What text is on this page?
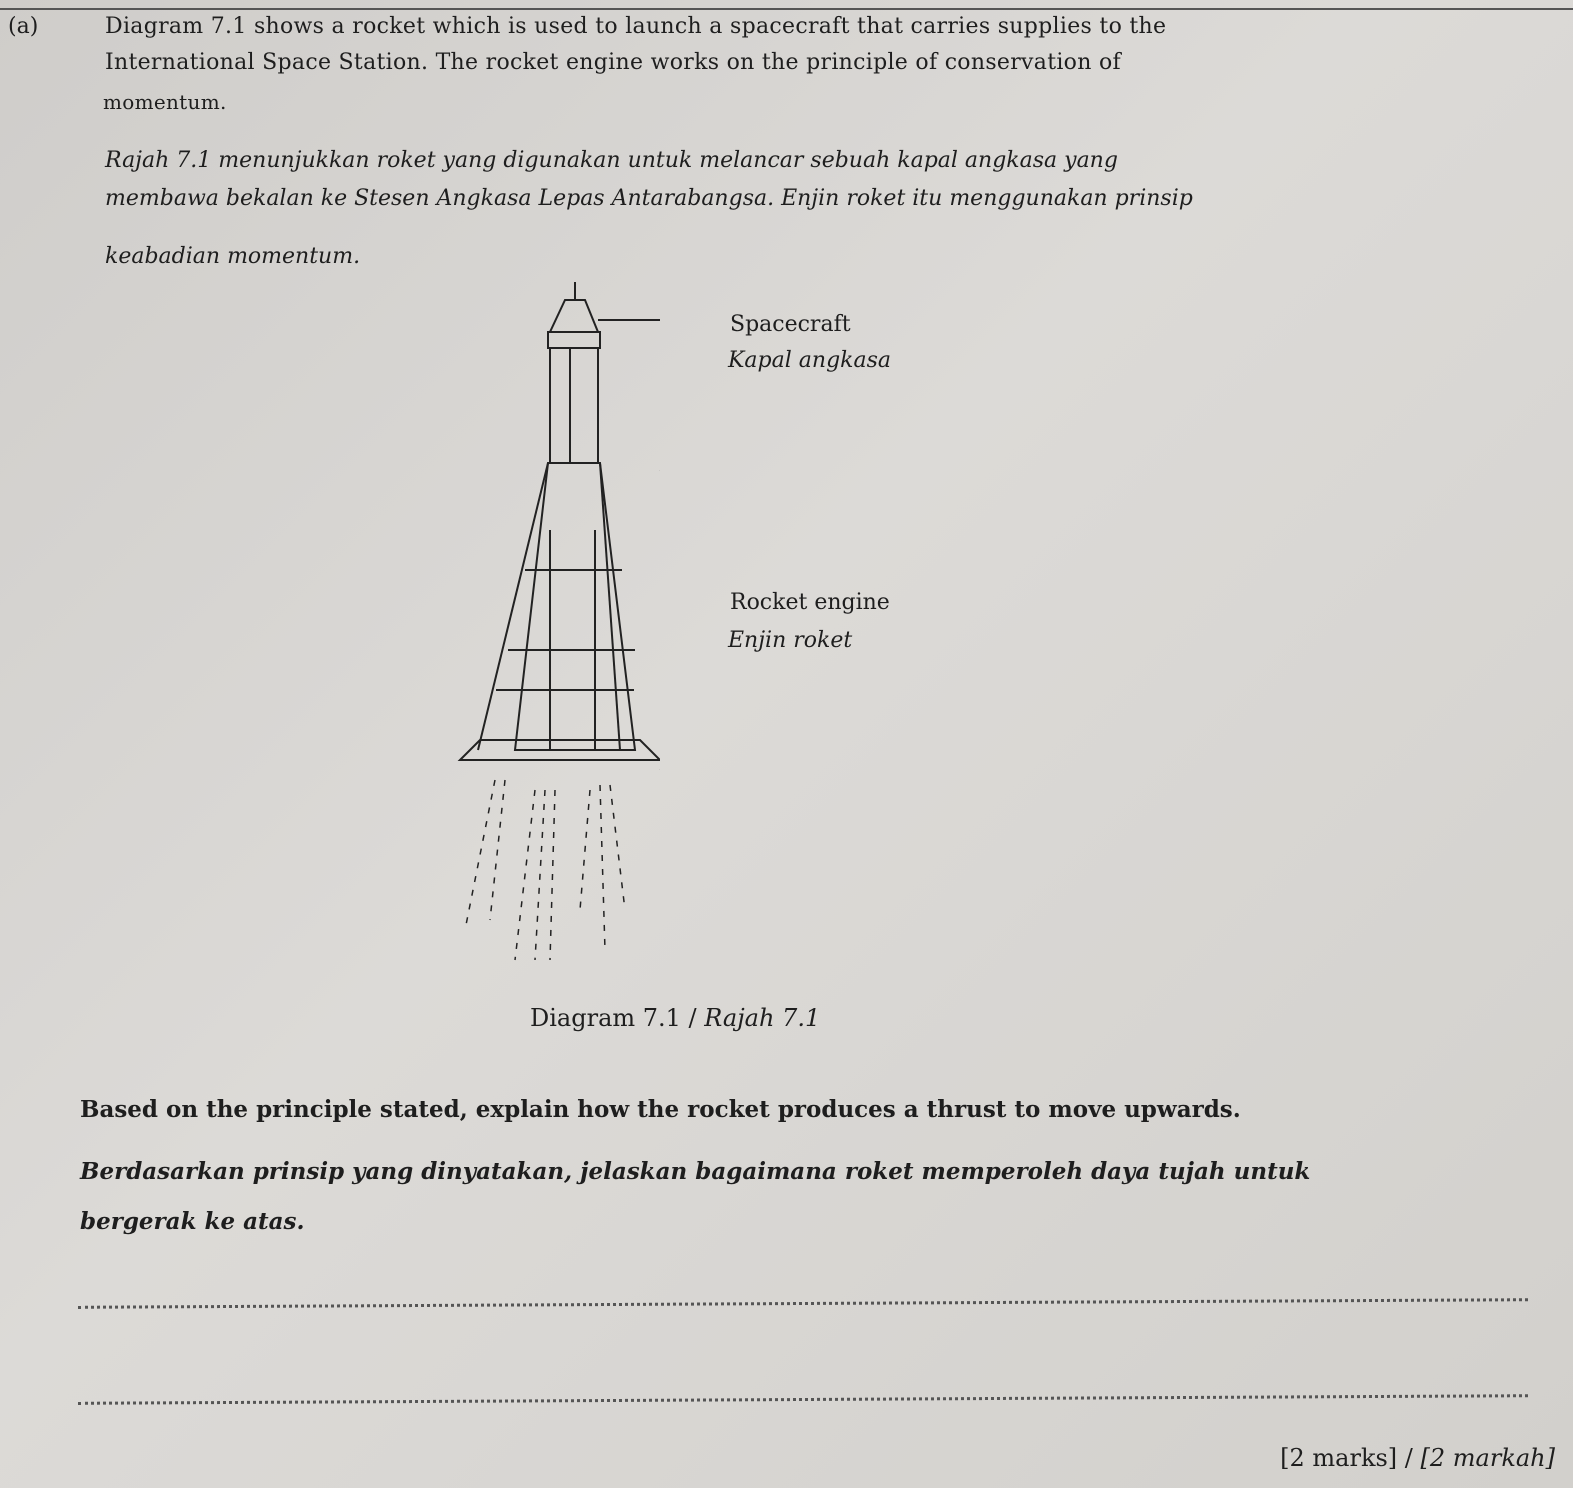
(a)	Diagram 7.1 shows a rocket which is used to launch a spacecraft that carries supplies to the
International Space Station. The rocket engine works on the principle of conservation of
momentum.
Rajah 7.1 menunjukkan roket yang digunakan untuk melancar sebuah kapal angkasa yang
membawa bekalan ke Stesen Angkasa Lepas Antarabangsa. Enjin roket itu menggunakan prinsip
keabadian momentum.
Spacecraft
Kapal angkasa
Rocket engine
Enjin roket
Diagram 7.1 / Rajah 7.1
Based on the principle stated, explain how the rocket produces a thrust to move upwards.
Berdasarkan prinsip yang dinyatakan, jelaskan bagaimana roket memperoleh daya tujah untuk
bergerak ke atas.
[2 marks] / [2 markah]
